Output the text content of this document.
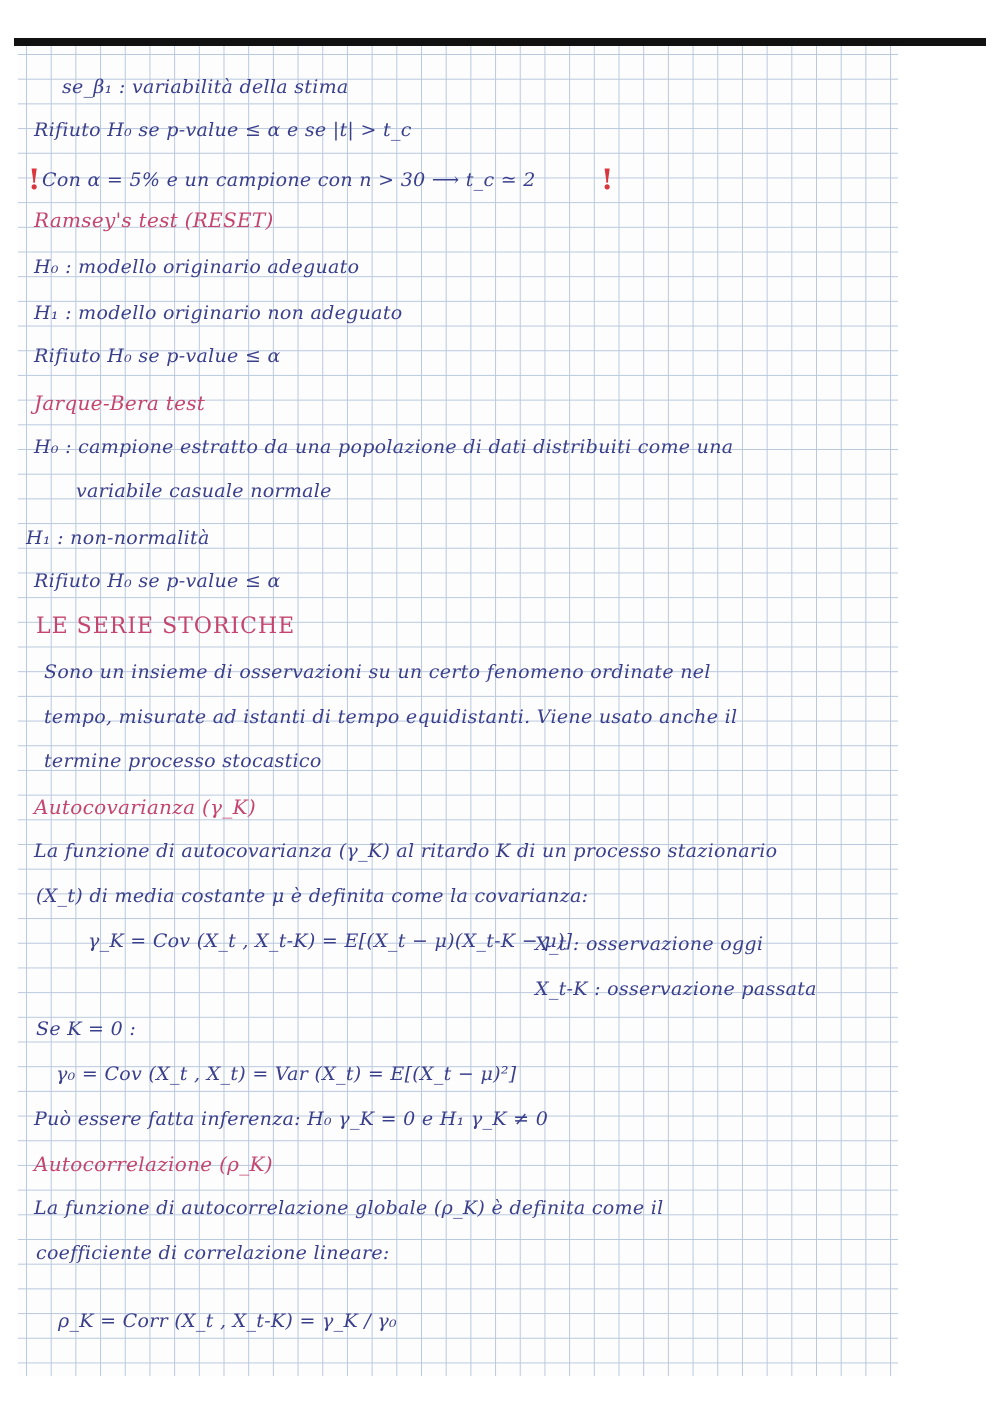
se_β₁ : variabilità della stima
Rifiuto H₀ se p-value ≤ α e se |t| > t_c
! Con α = 5% e un campione con n > 30 ⟶ t_c ≃ 2 !
Ramsey's test (RESET)
H₀ : modello originario adeguato
H₁ : modello originario non adeguato
Rifiuto H₀ se p-value ≤ α
Jarque-Bera test
H₀ : campione estratto da una popolazione di dati distribuiti come una
variabile casuale normale
H₁ : non-normalità
Rifiuto H₀ se p-value ≤ α
LE SERIE STORICHE
Sono un insieme di osservazioni su un certo fenomeno ordinate nel
tempo, misurate ad istanti di tempo equidistanti. Viene usato anche il
termine processo stocastico
Autocovarianza (γ_K)
La funzione di autocovarianza (γ_K) al ritardo K di un processo stazionario
(X_t) di media costante μ è definita come la covarianza:
γ_K = Cov (X_t , X_t-K) = E[(X_t − μ)(X_t-K − μ)]
X_t : osservazione oggi
X_t-K : osservazione passata
Se K = 0 :
γ₀ = Cov (X_t , X_t) = Var (X_t) = E[(X_t − μ)²]
Può essere fatta inferenza: H₀ γ_K = 0 e H₁ γ_K ≠ 0
Autocorrelazione (ρ_K)
La funzione di autocorrelazione globale (ρ_K) è definita come il
coefficiente di correlazione lineare:
ρ_K = Corr (X_t , X_t-K) = γ_K / γ₀
